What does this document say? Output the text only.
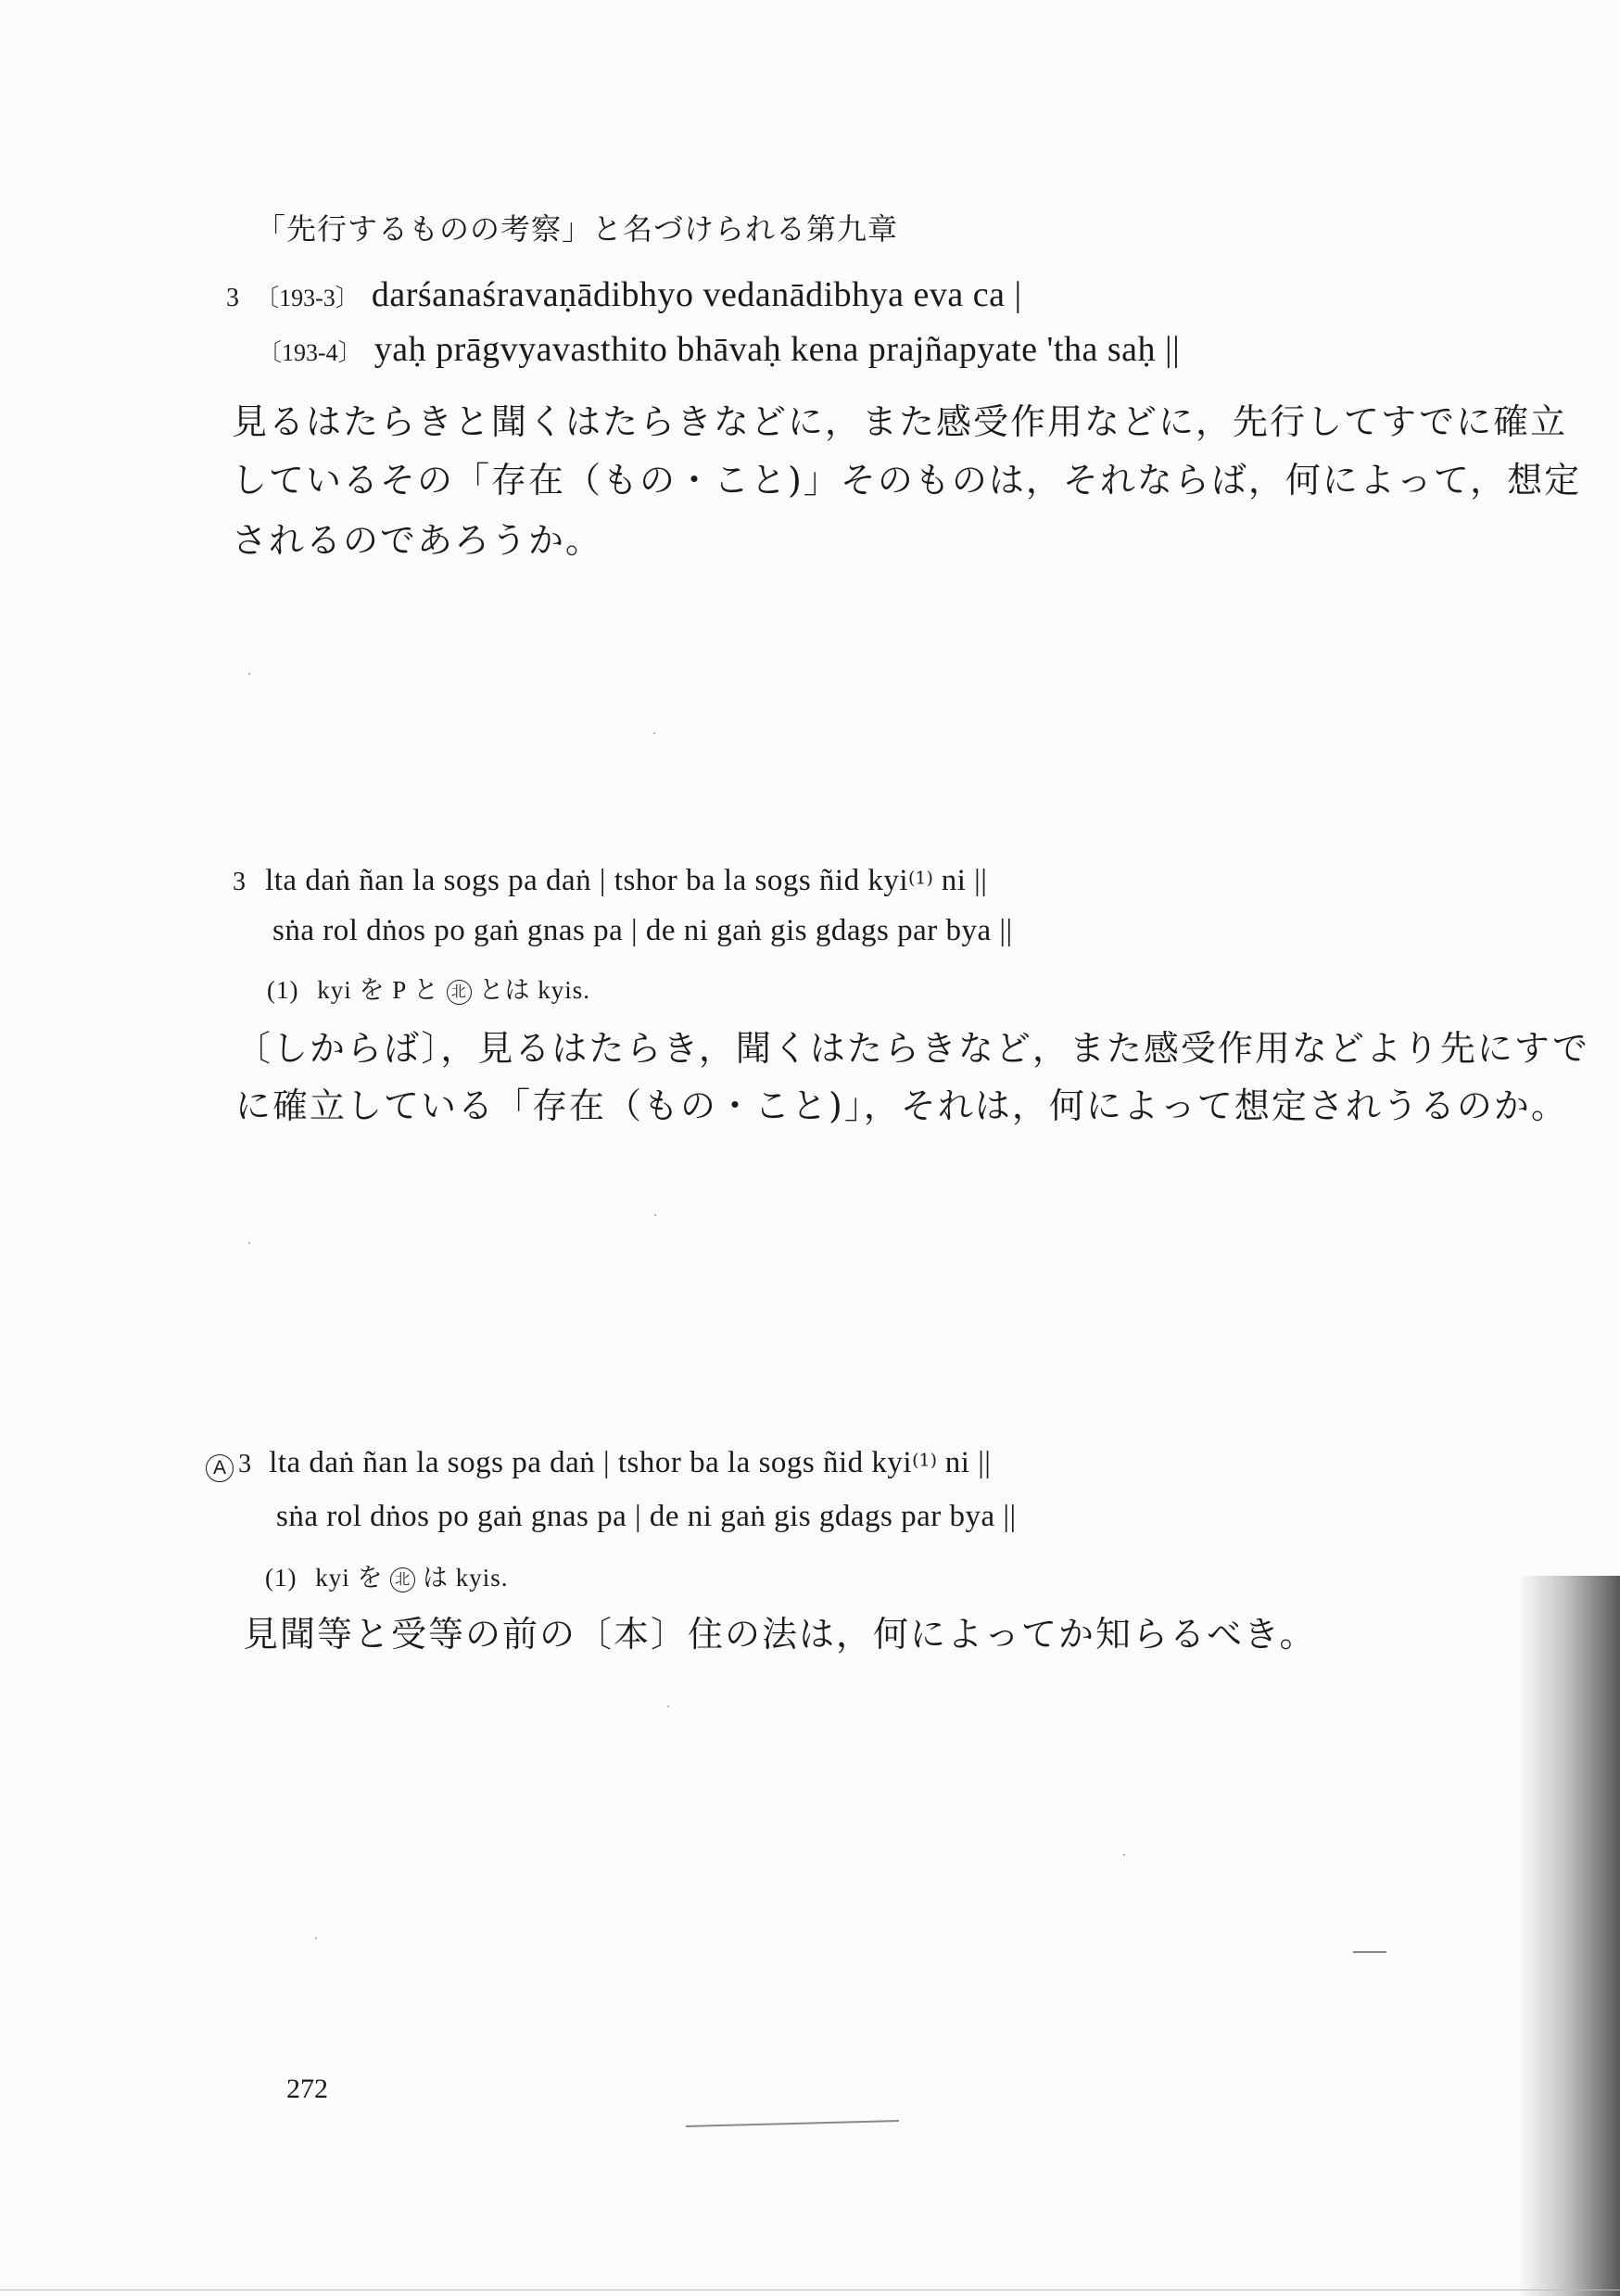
「先行するものの考察」と名づけられる第九章
3 〔193-3〕 darśanaśravaṇādibhyo vedanādibhya eva ca |
〔193-4〕 yaḥ prāgvyavasthito bhāvaḥ kena prajñapyate 'tha saḥ ||
見るはたらきと聞くはたらきなどに，また感受作用などに，先行してすでに確立
しているその「存在（もの・こと)」そのものは，それならば，何によって，想定
されるのであろうか。
3 lta daṅ ñan la sogs pa daṅ | tshor ba la sogs ñid kyi(1) ni ||
sṅa rol dṅos po gaṅ gnas pa | de ni gaṅ gis gdags par bya ||
(1) kyi を P と 北 とは kyis.
〔しからば〕，見るはたらき，聞くはたらきなど，また感受作用などより先にすで
に確立している「存在（もの・こと)」，それは，何によって想定されうるのか。
A 3 lta daṅ ñan la sogs pa daṅ | tshor ba la sogs ñid kyi(1) ni ||
sṅa rol dṅos po gaṅ gnas pa | de ni gaṅ gis gdags par bya ||
(1) kyi を 北 は kyis.
見聞等と受等の前の〔本〕住の法は，何によってか知らるべき。
272
